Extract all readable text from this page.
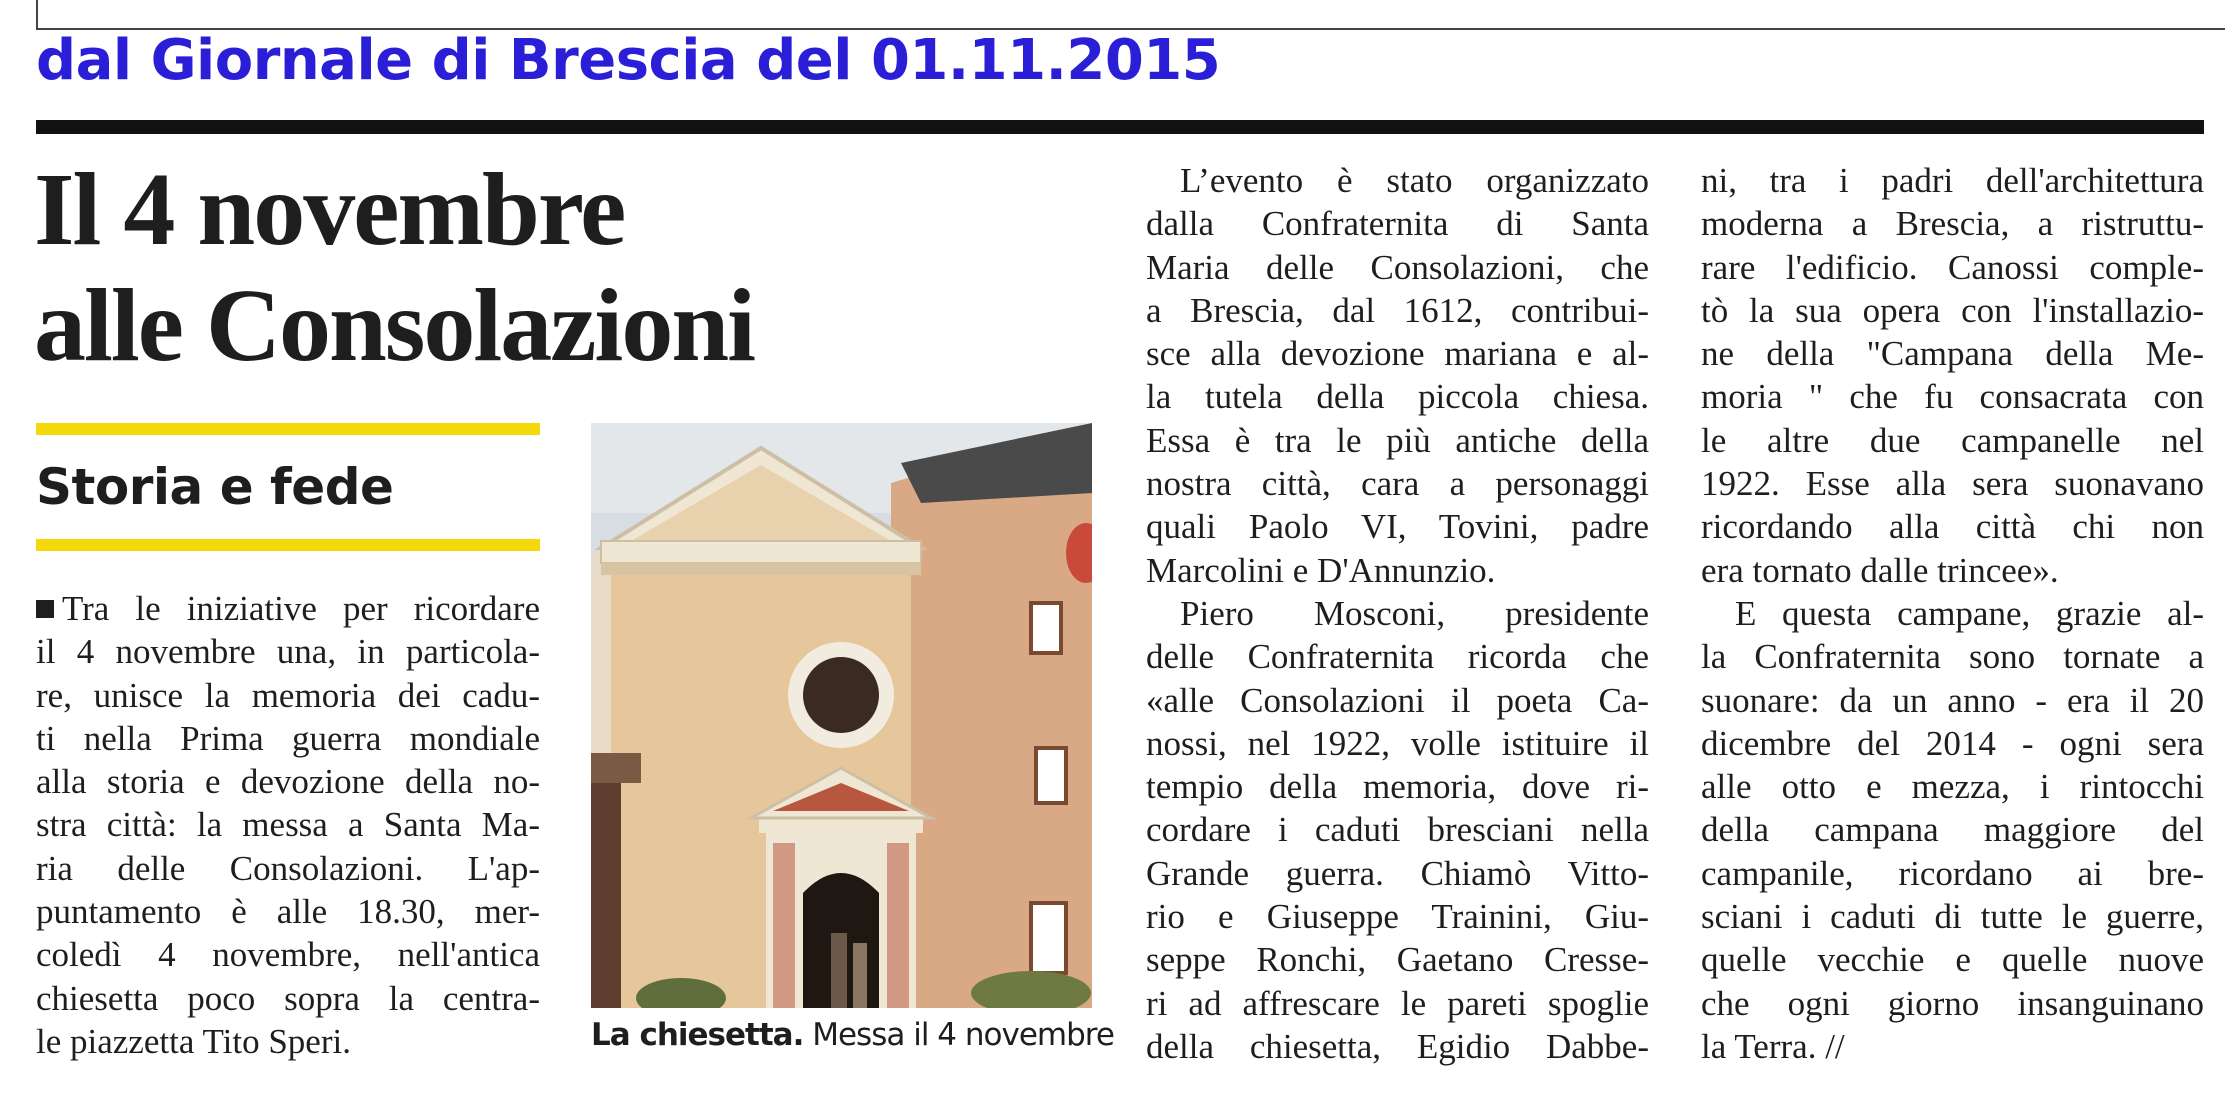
dal Giornale di Brescia del 01.11.2015
Il 4 novembre
alle Consolazioni
Storia e fede
Tra le iniziative per ricordare
il 4 novembre una, in particola-
re, unisce la memoria dei cadu-
ti nella Prima guerra mondiale
alla storia e devozione della no-
stra città: la messa a Santa Ma-
ria delle Consolazioni. L'ap-
puntamento è alle 18.30, mer-
coledì 4 novembre, nell'antica
chiesetta poco sopra la centra-
le piazzetta Tito Speri.	La chiesetta. Messa il 4 novembre
L’evento è stato organizzato
dalla Confraternita di Santa
Maria delle Consolazioni, che
a Brescia, dal 1612, contribui-
sce alla devozione mariana e al-
la tutela della piccola chiesa.
Essa è tra le più antiche della
nostra città, cara a personaggi
quali Paolo VI, Tovini, padre
Marcolini e D'Annunzio.
Piero Mosconi, presidente
delle Confraternita ricorda che
«alle Consolazioni il poeta Ca-
nossi, nel 1922, volle istituire il
tempio della memoria, dove ri-
cordare i caduti bresciani nella
Grande guerra. Chiamò Vitto-
rio e Giuseppe Trainini, Giu-
seppe Ronchi, Gaetano Cresse-
ri ad affrescare le pareti spoglie
della chiesetta, Egidio Dabbe-
ni, tra i padri dell'architettura
moderna a Brescia, a ristruttu-
rare l'edificio. Canossi comple-
tò la sua opera con l'installazio-
ne della "Campana della Me-
moria " che fu consacrata con
le altre due campanelle nel
1922. Esse alla sera suonavano
ricordando alla città chi non
era tornato dalle trincee».
E questa campane, grazie al-
la Confraternita sono tornate a
suonare: da un anno - era il 20
dicembre del 2014 - ogni sera
alle otto e mezza, i rintocchi
della campana maggiore del
campanile, ricordano ai bre-
sciani i caduti di tutte le guerre,
quelle vecchie e quelle nuove
che ogni giorno insanguinano
la Terra. //
